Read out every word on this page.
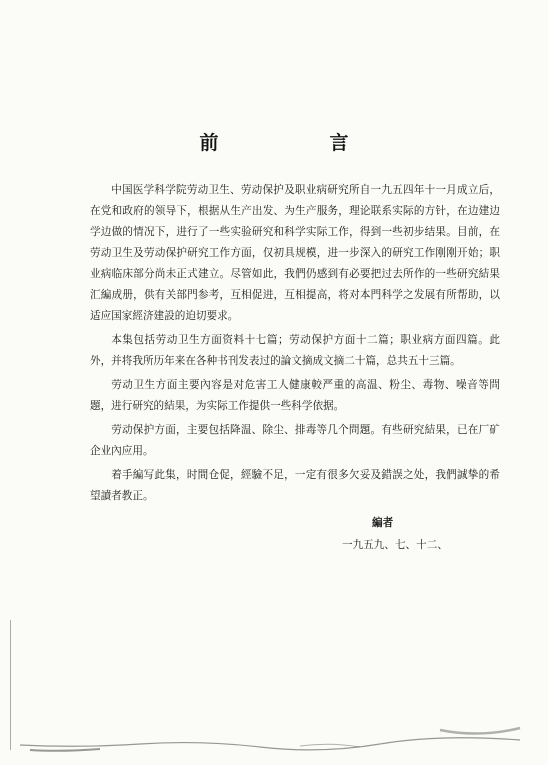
前　言

中国医学科学院劳动卫生、劳动保护及职业病研究所自一九五四年十一月成立后，在党和政府的领导下，根据从生产出发、为生产服务，理论联系实际的方针，在边建边学边做的情况下，进行了一些实验研究和科学实际工作，得到一些初步结果。目前，在劳动卫生及劳动保护研究工作方面，仅初具规模，进一步深入的研究工作刚刚开始；职业病临床部分尚未正式建立。尽管如此，我們仍感到有必要把过去所作的一些研究結果汇編成册，供有关部門参考，互相促进，互相提高，将对本門科学之发展有所帮助，以适应国家經济建設的迫切要求。

本集包括劳动卫生方面资料十七篇；劳动保护方面十二篇；职业病方面四篇。此外，并将我所历年来在各种书刊发表过的論文摘成文摘二十篇，总共五十三篇。

劳动卫生方面主要內容是对危害工人健康較严重的高温、粉尘、毒物、噪音等問題，进行研究的結果，为实际工作提供一些科学依据。

劳动保护方面，主要包括降温、除尘、排毒等几个問題。有些研究結果，已在厂矿企业內应用。

着手編写此集，时間仓促，經驗不足，一定有很多欠妥及錯誤之处，我們誠挚的希望讀者教正。

編者
一九五九、七、十二、
